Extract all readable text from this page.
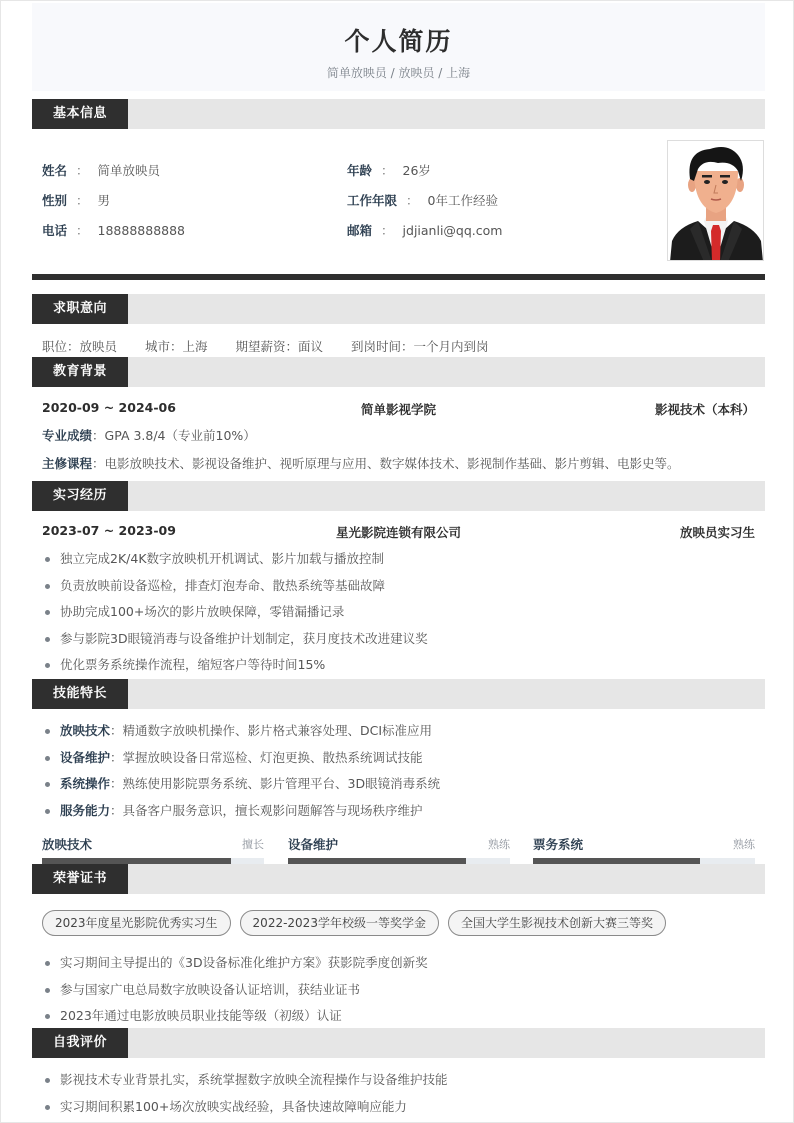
个人简历
简单放映员 / 放映员 / 上海
基本信息
姓名 ： 简单放映员
性别 ： 男
电话 ： 18888888888
年龄 ： 26岁
工作年限 ： 0年工作经验
邮箱 ： jdjianli@qq.com
求职意向
职位：放映员 城市：上海 期望薪资：面议 到岗时间：一个月内到岗
教育背景
简单影视学院
2020-09 ~ 2024-06	影视技术（本科）
专业成绩：GPA 3.8/4（专业前10%）
主修课程：电影放映技术、影视设备维护、视听原理与应用、数字媒体技术、影视制作基础、影片剪辑、电影史等。
实习经历
星光影院连锁有限公司
2023-07 ~ 2023-09	放映员实习生
独立完成2K/4K数字放映机开机调试、影片加载与播放控制
负责放映前设备巡检，排查灯泡寿命、散热系统等基础故障
协助完成100+场次的影片放映保障，零错漏播记录
参与影院3D眼镜消毒与设备维护计划制定，获月度技术改进建议奖
优化票务系统操作流程，缩短客户等待时间15%
技能特长
放映技术：精通数字放映机操作、影片格式兼容处理、DCI标准应用
设备维护：掌握放映设备日常巡检、灯泡更换、散热系统调试技能
系统操作：熟练使用影院票务系统、影片管理平台、3D眼镜消毒系统
服务能力：具备客户服务意识，擅长观影问题解答与现场秩序维护
放映技术	擅长 设备维护	熟练 票务系统	熟练
荣誉证书
2023年度星光影院优秀实习生	2022-2023学年校级一等奖学金	全国大学生影视技术创新大赛三等奖
实习期间主导提出的《3D设备标准化维护方案》获影院季度创新奖
参与国家广电总局数字放映设备认证培训，获结业证书
2023年通过电影放映员职业技能等级（初级）认证
自我评价
影视技术专业背景扎实，系统掌握数字放映全流程操作与设备维护技能
实习期间积累100+场次放映实战经验，具备快速故障响应能力
